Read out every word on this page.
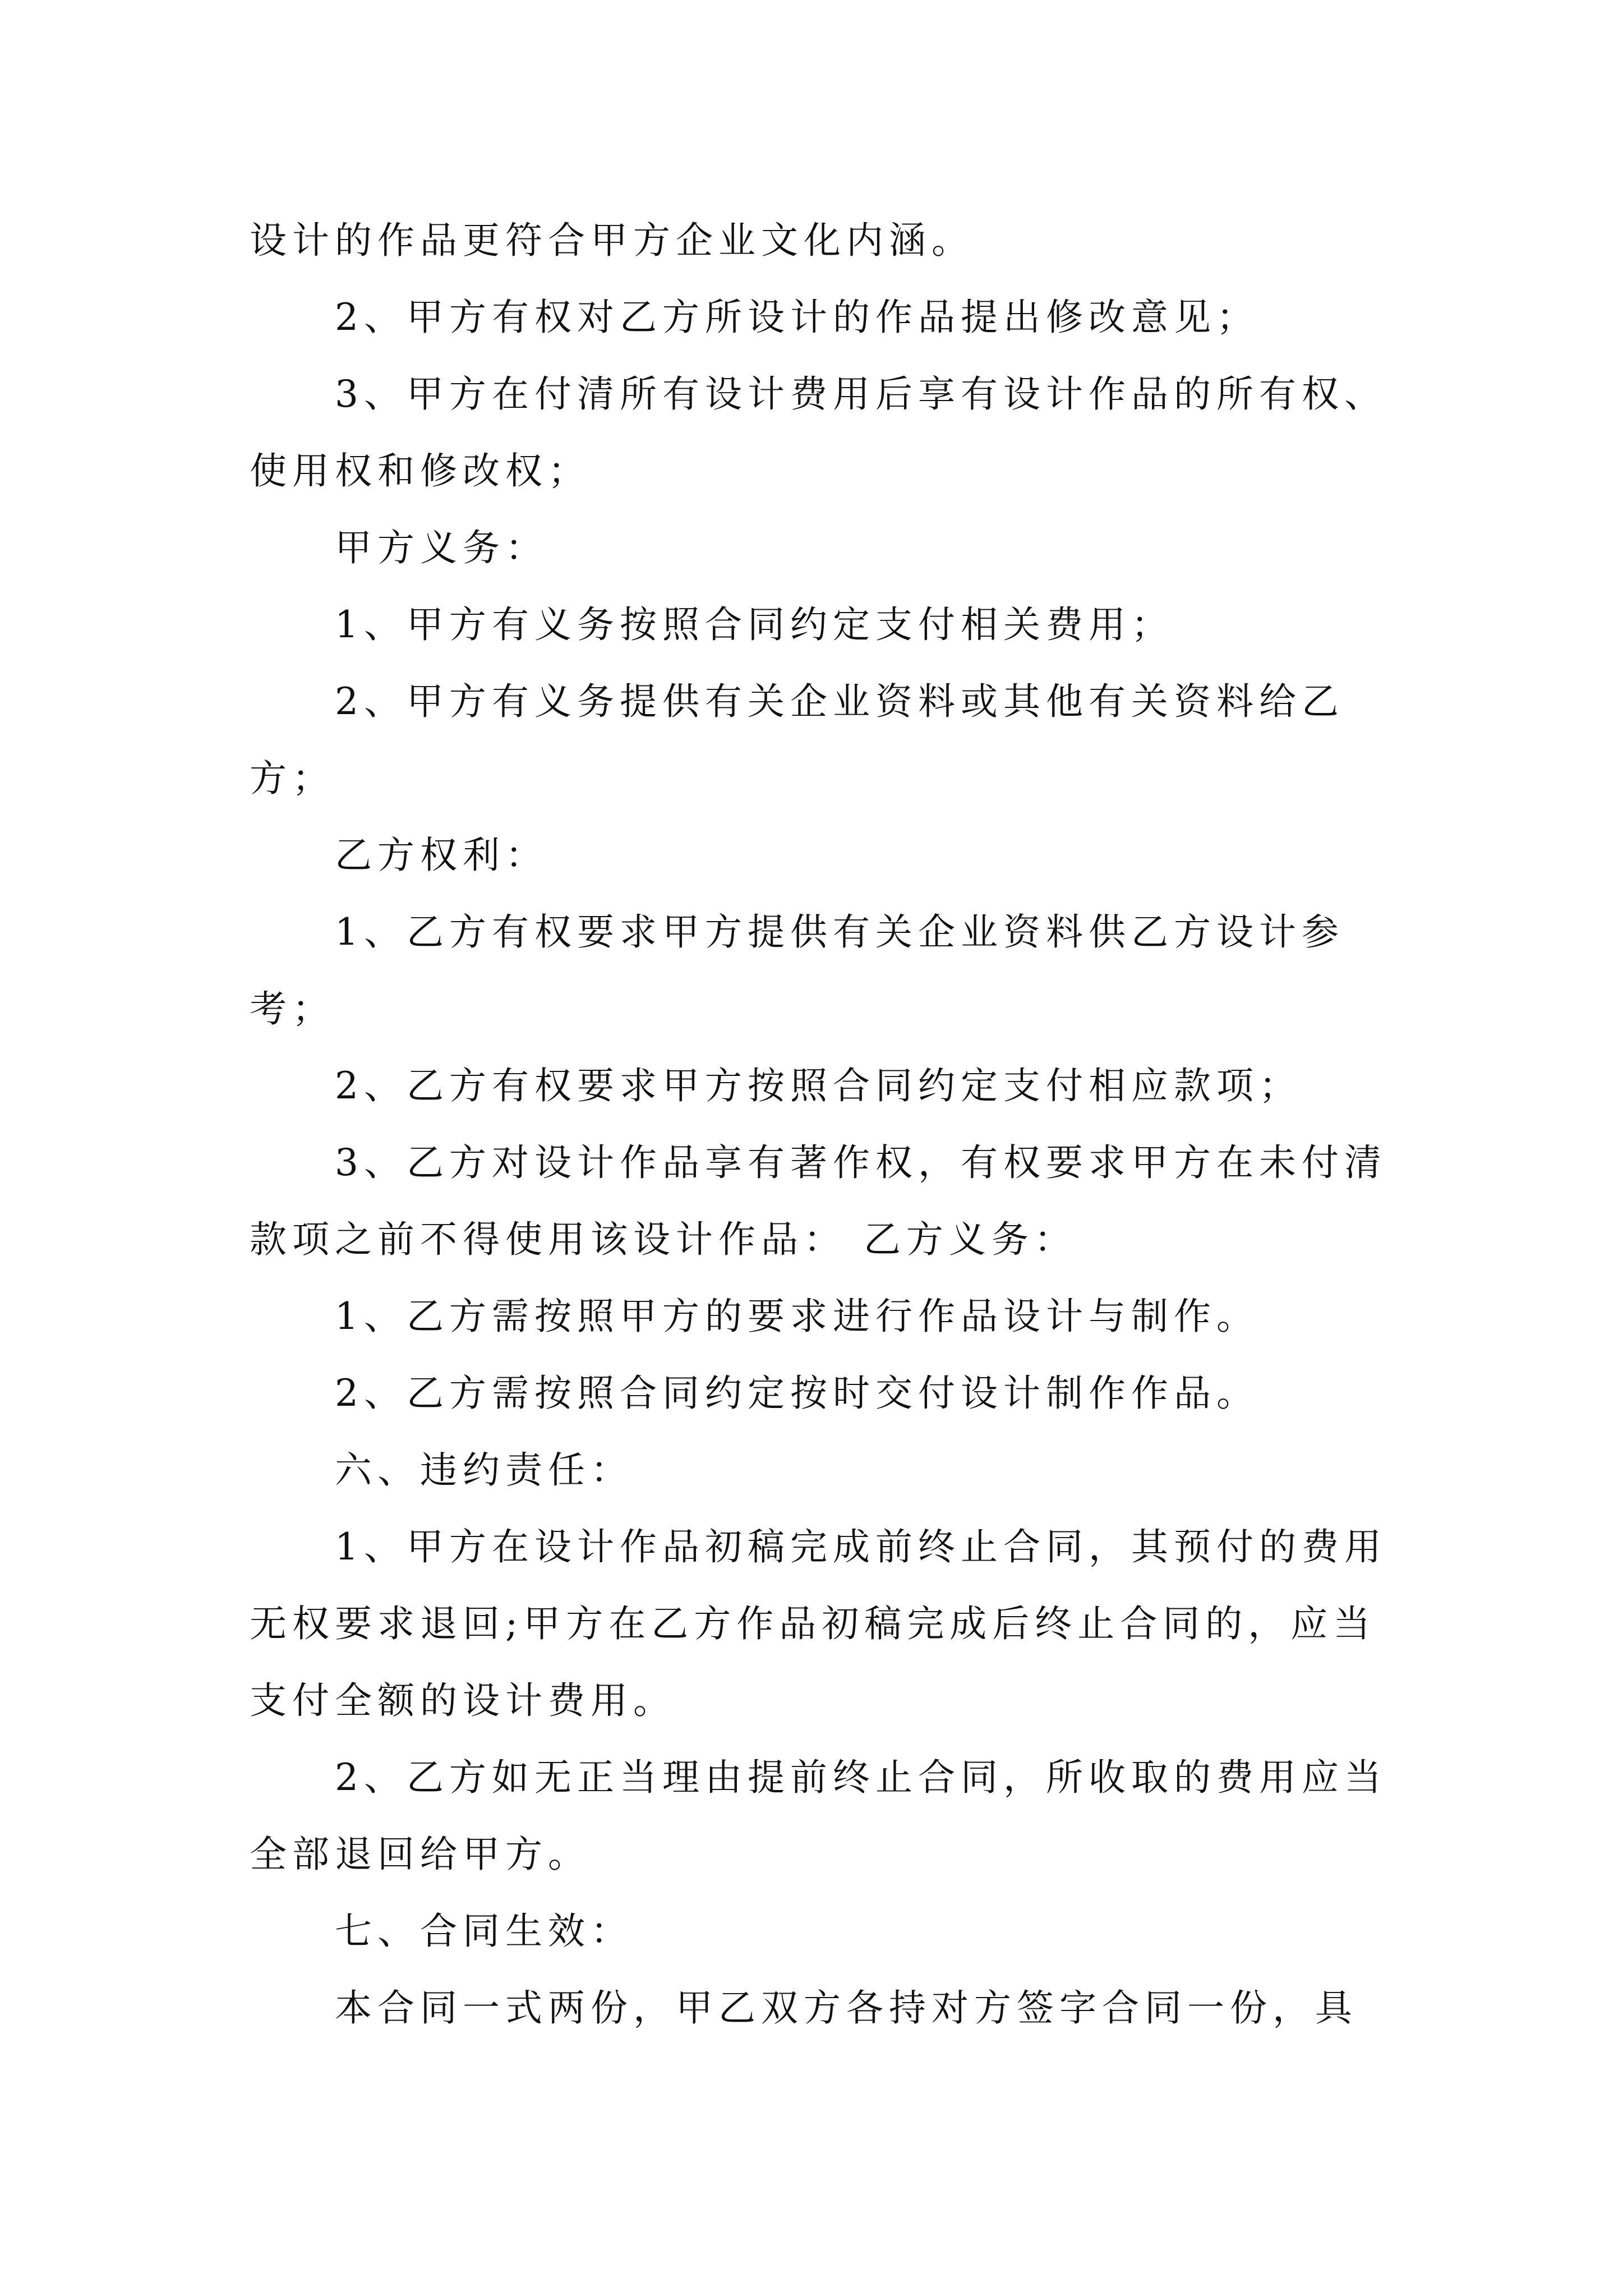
设计的作品更符合甲方企业文化内涵。

2、甲方有权对乙方所设计的作品提出修改意见；

3、甲方在付清所有设计费用后享有设计作品的所有权、使用权和修改权；

甲方义务：

1、甲方有义务按照合同约定支付相关费用；

2、甲方有义务提供有关企业资料或其他有关资料给乙方；

乙方权利：

1、乙方有权要求甲方提供有关企业资料供乙方设计参考；

2、乙方有权要求甲方按照合同约定支付相应款项；

3、乙方对设计作品享有著作权，有权要求甲方在未付清款项之前不得使用该设计作品： 乙方义务：

1、乙方需按照甲方的要求进行作品设计与制作。

2、乙方需按照合同约定按时交付设计制作作品。

六、违约责任：

1、甲方在设计作品初稿完成前终止合同，其预付的费用无权要求退回;甲方在乙方作品初稿完成后终止合同的，应当支付全额的设计费用。

2、乙方如无正当理由提前终止合同，所收取的费用应当全部退回给甲方。

七、合同生效：

本合同一式两份，甲乙双方各持对方签字合同一份，具
